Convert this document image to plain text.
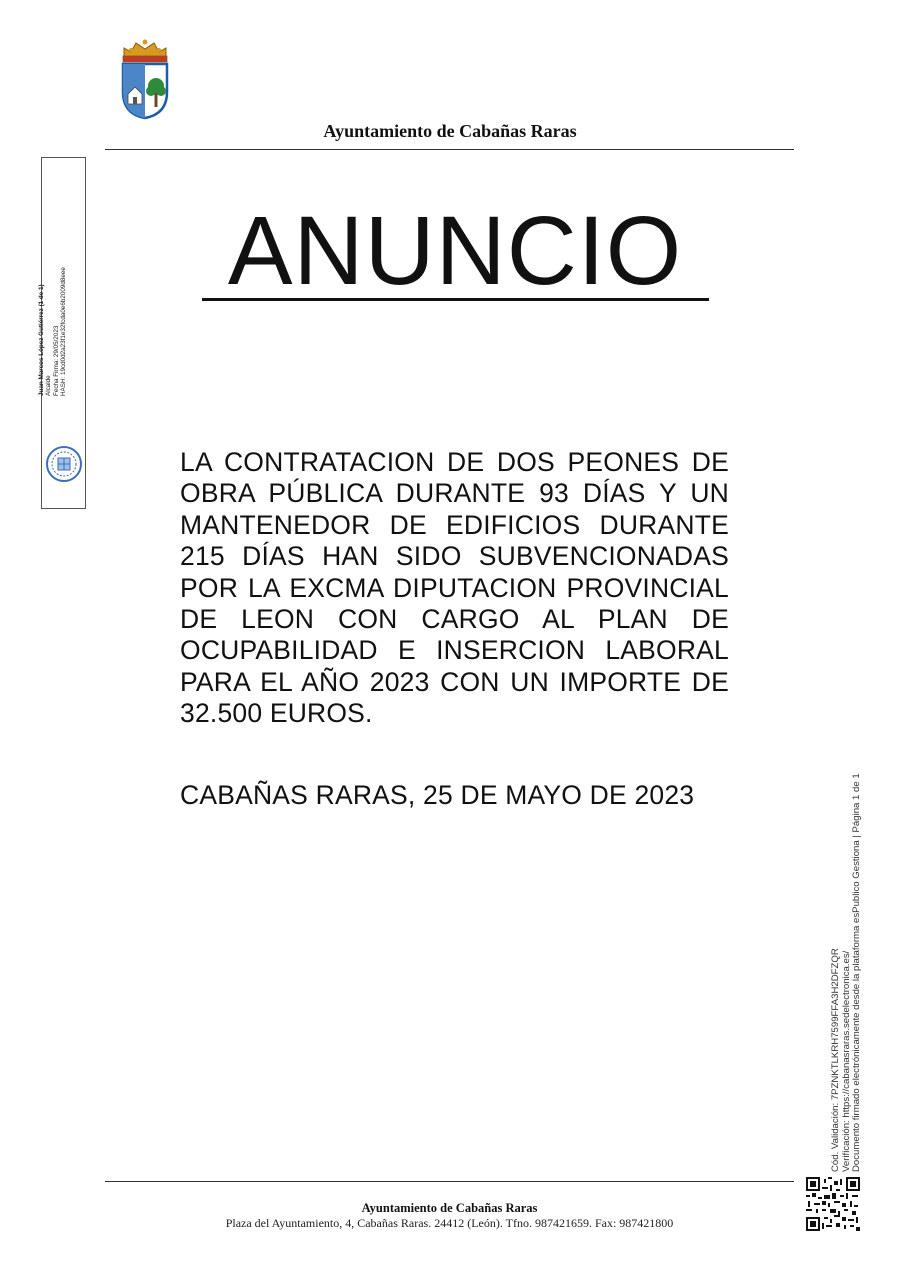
Ayuntamiento de Cabañas Raras
Juan Marcos López Gutiérrez (1 de 1) Alcalde Fecha Firma: 29/05/2023 HASH: 19cd0d2a23f1e32fcda0e6b2009d8eee
ANUNCIO
LA CONTRATACION DE DOS PEONES DE OBRA PÚBLICA DURANTE 93 DÍAS Y UN MANTENEDOR DE EDIFICIOS DURANTE 215 DÍAS HAN SIDO SUBVENCIONADAS POR LA EXCMA DIPUTACION PROVINCIAL DE LEON CON CARGO AL PLAN DE OCUPABILIDAD E INSERCION LABORAL PARA EL AÑO 2023 CON UN IMPORTE DE 32.500 EUROS.
CABAÑAS RARAS, 25 DE MAYO DE 2023
Cód. Validación: 7PZNKTLKRH7599FFA3H2DFZQR Verificación: https://cabanasraras.sedelectronica.es/ Documento firmado electrónicamente desde la plataforma esPublico Gestiona | Página 1 de 1
Ayuntamiento de Cabañas Raras
Plaza del Ayuntamiento, 4, Cabañas Raras. 24412 (León). Tfno. 987421659. Fax: 987421800
